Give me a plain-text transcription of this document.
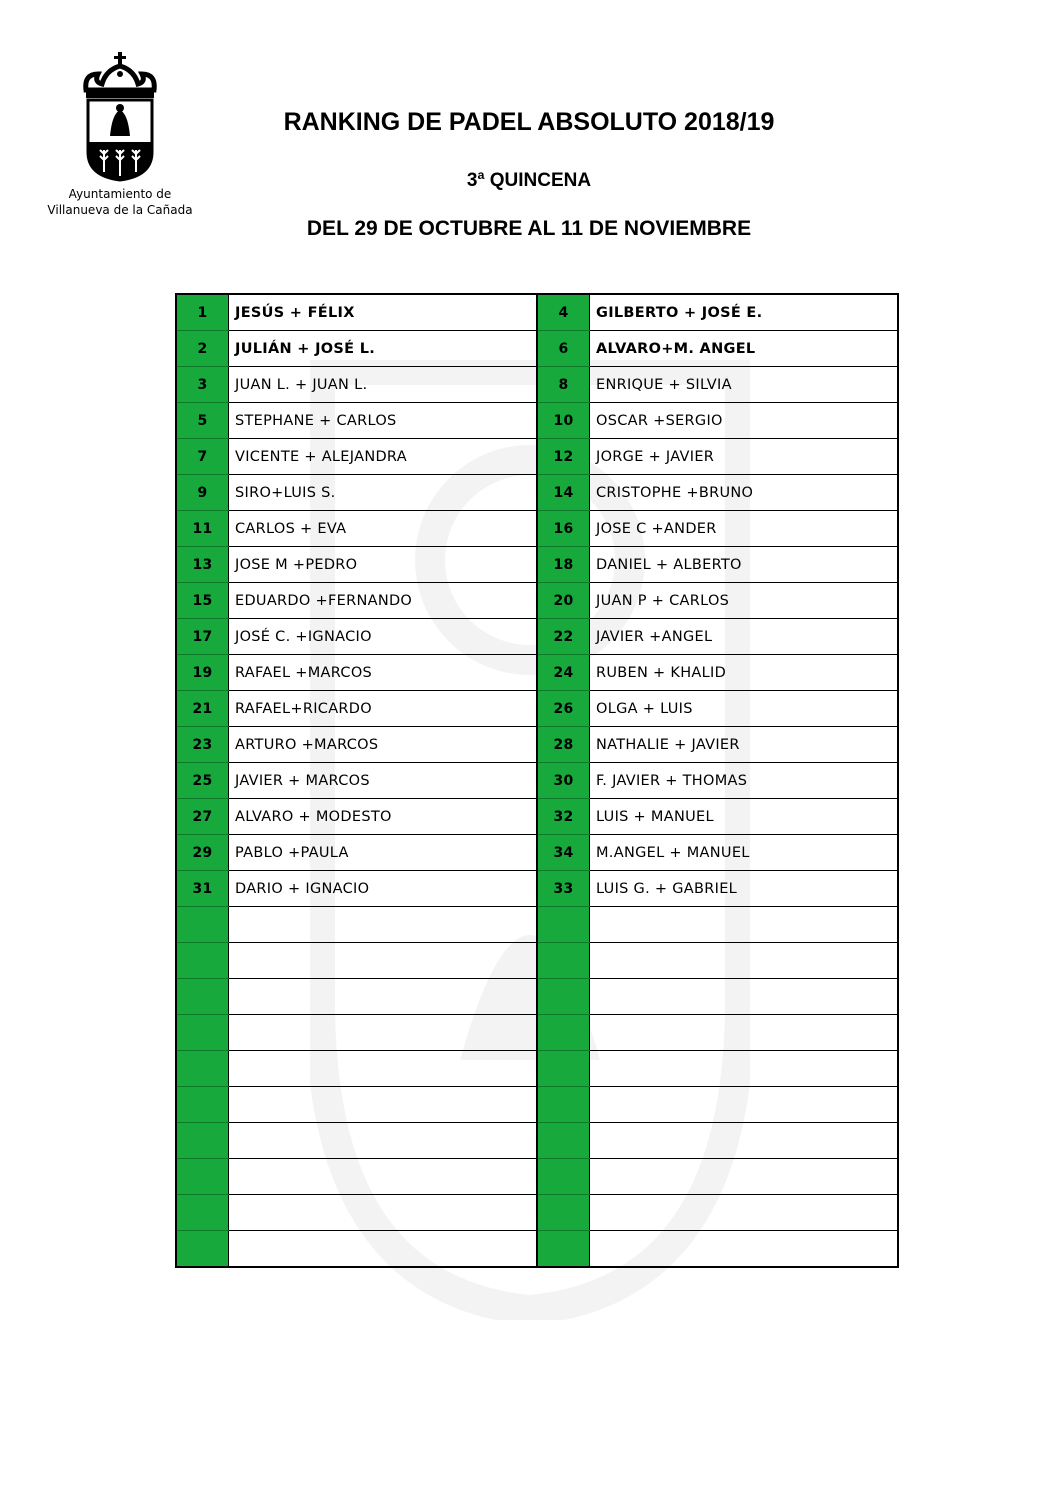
Ayuntamiento de
Villanueva de la Cañada
RANKING DE PADEL ABSOLUTO 2018/19
3ª QUINCENA
DEL 29 DE OCTUBRE AL 11 DE NOVIEMBRE
1	JESÚS + FÉLIX	4	GILBERTO + JOSÉ E.
2	JULIÁN + JOSÉ L.	6	ALVARO+M. ANGEL
3	JUAN L. + JUAN L.	8	ENRIQUE + SILVIA
5	STEPHANE + CARLOS	10	OSCAR +SERGIO
7	VICENTE + ALEJANDRA	12	JORGE + JAVIER
9	SIRO+LUIS S.	14	CRISTOPHE +BRUNO
11	CARLOS + EVA	16	JOSE C +ANDER
13	JOSE M +PEDRO	18	DANIEL + ALBERTO
15	EDUARDO +FERNANDO	20	JUAN P + CARLOS
17	JOSÉ C. +IGNACIO	22	JAVIER +ANGEL
19	RAFAEL +MARCOS	24	RUBEN + KHALID
21	RAFAEL+RICARDO	26	OLGA + LUIS
23	ARTURO +MARCOS	28	NATHALIE + JAVIER
25	JAVIER + MARCOS	30	F. JAVIER + THOMAS
27	ALVARO + MODESTO	32	LUIS + MANUEL
29	PABLO +PAULA	34	M.ANGEL + MANUEL
31	DARIO + IGNACIO	33	LUIS G. + GABRIEL
